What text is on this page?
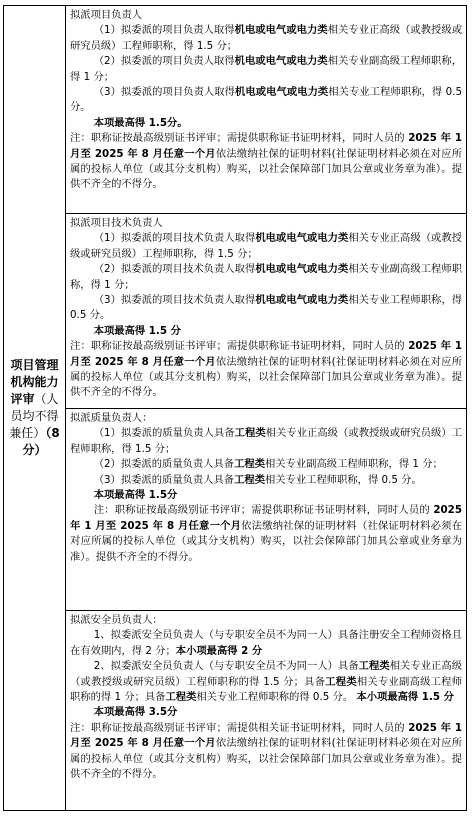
项目管理机构能力评审（人员均不得兼任）（8分）	

拟派项目负责人

（1）拟委派的项目负责人取得机电或电气或电力类相关专业正高级（或教授级或研究员级）工程师职称，得 1.5 分；

（2）拟委派的项目负责人取得机电或电气或电力类相关专业副高级工程师职称，得 1 分；

（3）拟委派的项目负责人取得机电或电气或电力类相关专业工程师职称，得 0.5 分。

本项最高得 1.5分。

注：职称证按最高级别证书评审；需提供职称证书证明材料，同时人员的 2025 年 1 月至 2025 年 8 月任意一个月依法缴纳社保的证明材料(社保证明材料必须在对应所属的投标人单位（或其分支机构）购买，以社会保障部门加具公章或业务章为准）。提供不齐全的不得分。

拟派项目技术负责人

（1）拟委派的项目技术负责人取得机电或电气或电力类相关专业正高级（或教授级或研究员级）工程师职称，得 1.5 分；

（2）拟委派的项目技术负责人取得机电或电气或电力类相关专业副高级工程师职称，得 1 分；

（3）拟委派的项目技术负责人取得机电或电气或电力类相关专业工程师职称，得 0.5 分。

本项最高得 1.5 分

注：职称证按最高级别证书评审；需提供职称证书证明材料，同时人员的 2025 年 1 月至 2025 年 8 月任意一个月依法缴纳社保的证明材料(社保证明材料必须在对应所属的投标人单位（或其分支机构）购买，以社会保障部门加具公章或业务章为准）。提供不齐全的不得分。

拟派质量负责人：

（1）拟委派的质量负责人具备工程类相关专业正高级（或教授级或研究员级）工程师职称，得 1.5 分；

（2）拟委派的质量负责人具备工程类相关专业副高级工程师职称，得 1 分；

（3）拟委派的质量负责人具备工程类相关专业工程师职称，得 0.5 分。

本项最高得 1.5分

注：职称证按最高级别证书评审；需提供职称证书证明材料，同时人员的 2025 年 1 月至 2025 年 8 月任意一个月依法缴纳社保的证明材料（社保证明材料必须在对应所属的投标人单位（或其分支机构）购买，以社会保障部门加具公章或业务章为准）。提供不齐全的不得分。

拟派安全员负责人：

1、拟委派安全员负责人（与专职安全员不为同一人）具备注册安全工程师资格且在有效期内，得 2 分；本小项最高得 2 分

2、拟委派安全员负责人（与专职安全员不为同一人）具备工程类相关专业正高级（或教授级或研究员级）工程师职称的得 1.5 分；具备工程类相关专业副高级工程师职称的得 1 分；具备工程类相关专业工程师职称的得 0.5 分。 本小项最高得 1.5 分

本项最高得 3.5分

注：职称证按最高级别证书评审；需提供相关证书证明材料，同时人员的 2025 年 1 月至 2025 年 8 月任意一个月依法缴纳社保的证明材料(社保证明材料必须在对应所属的投标人单位（或其分支机构）购买，以社会保障部门加具公章或业务章为准）。提供不齐全的不得分。
